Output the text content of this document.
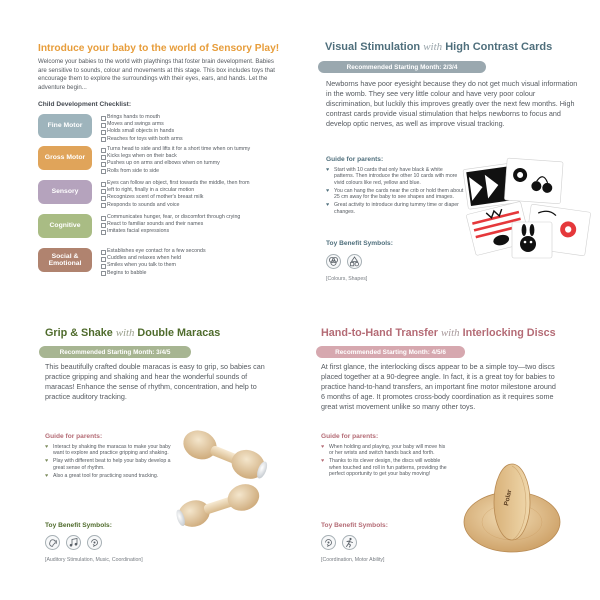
Introduce your baby to the world of Sensory Play!

Welcome your babies to the world with playthings that foster brain development. Babies are sensitive to sounds, colour and movements at this stage. This box includes toys that encourage them to explore the surroundings with their eyes, ears, and hands. Let the adventure begin...

Child Development Checklist:
Fine Motor
Brings hands to mouth
Moves and swings arms
Holds small objects in hands
Reaches for toys with both arms
Gross Motor
Turns head to side and lifts it for a short time when on tummy
Kicks legs when on their back
Pushes up on arms and elbows when on tummy
Rolls from side to side
Sensory
Eyes can follow an object, first towards the middle, then from
left to right, finally in a circular motion
Recognizes scent of mother's breast milk
Responds to sounds and voice
Cognitive
Communicates hunger, fear, or discomfort through crying
React to familiar sounds and their names
Imitates facial expressions
Social & Emotional
Establishes eye contact for a few seconds
Cuddles and relaxes when held
Smiles when you talk to them
Begins to babble
Visual Stimulation with High Contrast Cards
Recommended Starting Month: 2/3/4

Newborns have poor eyesight because they do not get much visual information in the womb. They see very little colour and have very poor colour discrimination, but luckily this improves greatly over the next few months. High contrast cards provide visual stimulation that helps newborns to focus and develop optic nerves, as well as improve visual tracking.

Guide for parents:
♥ Start with 10 cards that only have black & white patterns. Then introduce the other 10 cards with more vivid colours like red, yellow and blue.
♥ You can hang the cards near the crib or hold them about 25 cm away for the baby to see shapes and images.
♥ Great activity to introduce during tummy time or diaper changes.
Toy Benefit Symbols:
[Colours, Shapes]
Grip & Shake with Double Maracas
Recommended Starting Month: 3/4/5

This beautifully crafted double maracas is easy to grip, so babies can practice gripping and shaking and hear the wonderful sounds of maracas! Enhance the sense of rhythm, concentration, and help to practice auditory tracking.

Guide for parents:
♥ Interact by shaking the maracas to make your baby want to explore and practice gripping and shaking.
♥ Play with different beat to help your baby develop a great sense of rhythm.
♥ Also a great tool for practicing sound tracking.
Toy Benefit Symbols:
[Auditory Stimulation, Music, Coordination]
Hand-to-Hand Transfer with Interlocking Discs
Recommended Starting Month: 4/5/6

At first glance, the interlocking discs appear to be a simple toy—two discs placed together at a 90-degree angle. In fact, it is a great toy for babies to practice hand-to-hand transfers, an important fine motor milestone around 6 months of age. It promotes cross-body coordination as it requires some great wrist movement unlike so many other toys.

Guide for parents:
♥ When holding and playing, your baby will move his or her wrists and switch hands back and forth.
♥ Thanks to its clever design, the discs will wobble when touched and roll in fun patterns, providing the perfect opportunity to get your baby moving!
Toy Benefit Symbols:
[Coordination, Motor Ability]
Polar
